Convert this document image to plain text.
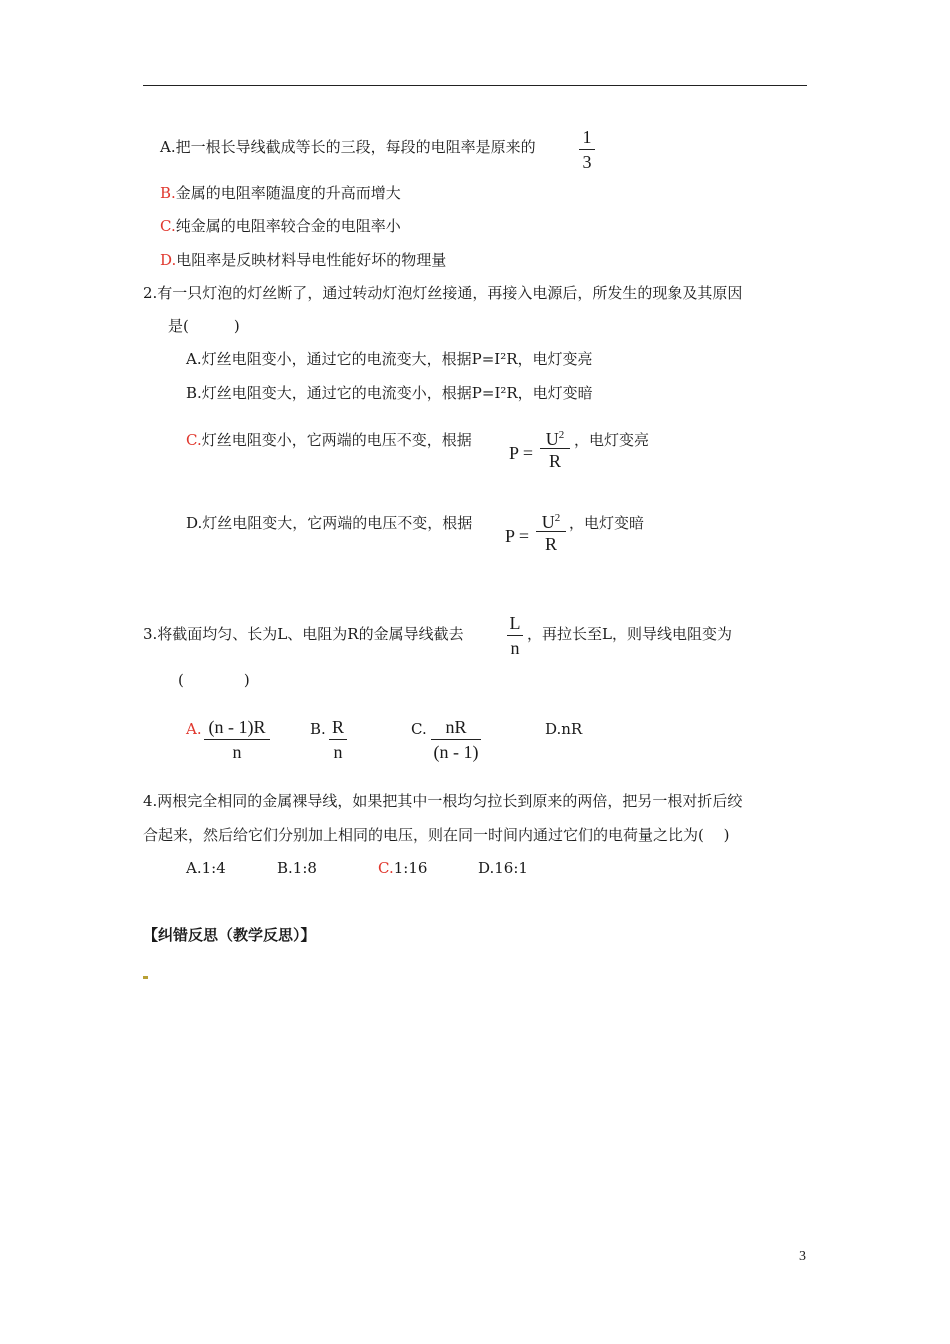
A.把一根长导线截成等长的三段，每段的电阻率是原来的	1
3
B.金属的电阻率随温度的升高而增大
C.纯金属的电阻率较合金的电阻率小
D.电阻率是反映材料导电性能好坏的物理量
2.有一只灯泡的灯丝断了，通过转动灯泡灯丝接通，再接入电源后，所发生的现象及其原因
是(　　　)
A.灯丝电阻变小，通过它的电流变大，根据P=I²R，电灯变亮
B.灯丝电阻变大，通过它的电流变小，根据P=I²R，电灯变暗
C.灯丝电阻变小，它两端的电压不变，根据
P =
$U^2$
R
，电灯变亮
D.灯丝电阻变大，它两端的电压不变，根据
P =
$U^2$
R
，电灯变暗
3.将截面均匀、长为L、电阻为R的金属导线截去
L
n
，再拉长至L，则导线电阻变为
(　　　　)
A. (n - 1)R
n
B. R
n
C.	nR
(n - 1)
D.nR
4.两根完全相同的金属裸导线，如果把其中一根均匀拉长到原来的两倍，把另一根对折后绞
合起来，然后给它们分别加上相同的电压，则在同一时间内通过它们的电荷量之比为(　 )
A.1:4	B.1:8	C.1:16	D.16:1
【纠错反思（教学反思）】
3
